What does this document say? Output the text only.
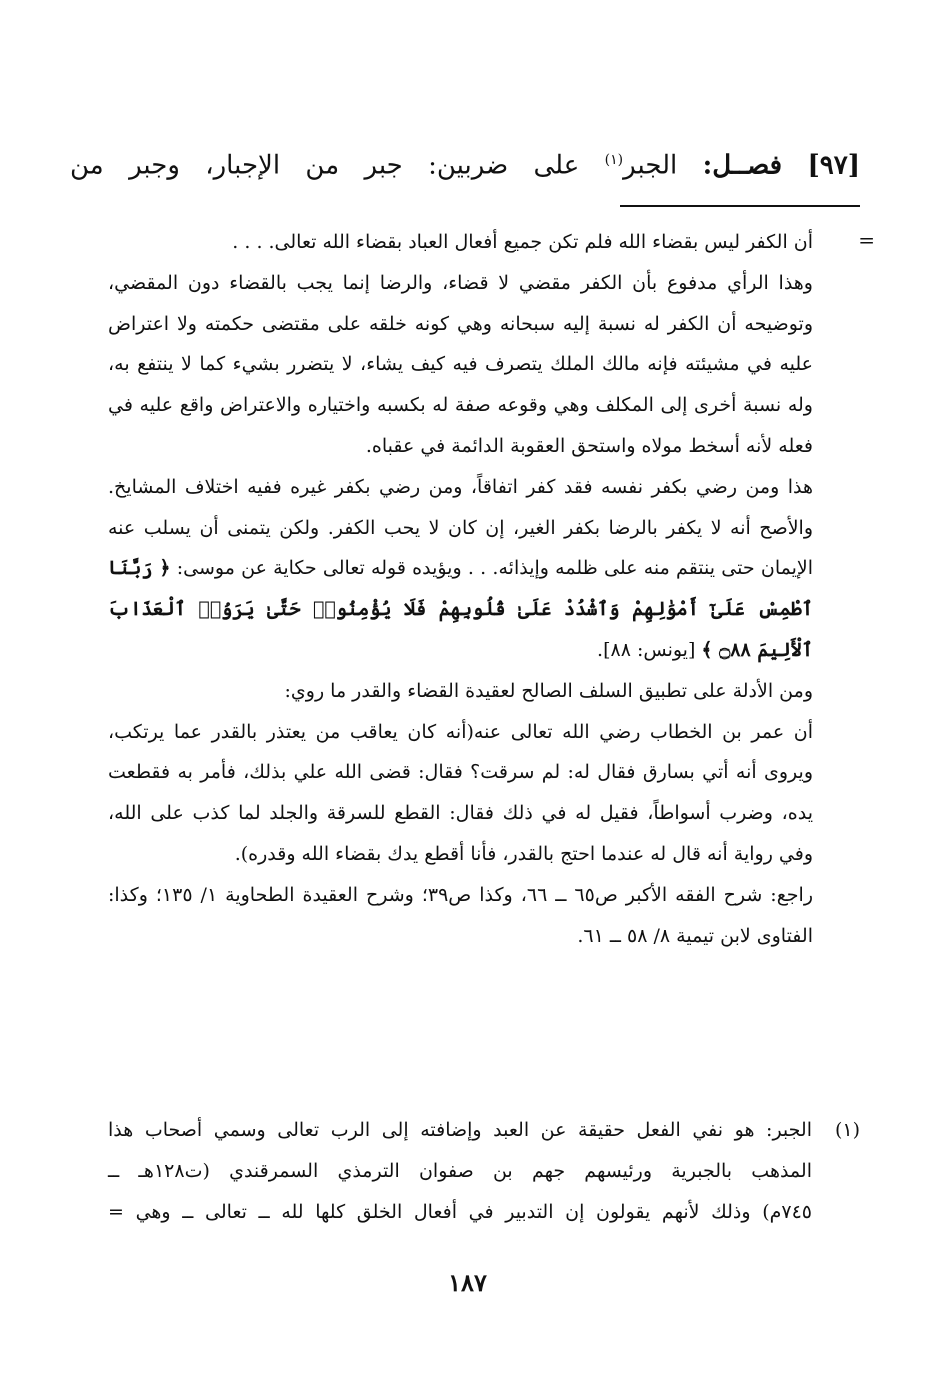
[٩٧] فصــل: الجبر$^{(١)}$ على ضربين: جبر من الإجبار، وجبر من
=

أن الكفر ليس بقضاء الله فلم تكن جميع أفعال العباد بقضاء الله تعالى. . . .

وهذا الرأي مدفوع بأن الكفر مقضي لا قضاء، والرضا إنما يجب بالقضاء دون المقضي، وتوضيحه أن الكفر له نسبة إليه سبحانه وهي كونه خلقه على مقتضى حكمته ولا اعتراض عليه في مشيئته فإنه مالك الملك يتصرف فيه كيف يشاء، لا يتضرر بشيء كما لا ينتفع به، وله نسبة أخرى إلى المكلف وهي وقوعه صفة له بكسبه واختياره والاعتراض واقع عليه في فعله لأنه أسخط مولاه واستحق العقوبة الدائمة في عقباه.

هذا ومن رضي بكفر نفسه فقد كفر اتفاقاً، ومن رضي بكفر غيره ففيه اختلاف المشايخ. والأصح أنه لا يكفر بالرضا بكفر الغير، إن كان لا يحب الكفر. ولكن يتمنى أن يسلب عنه الإيمان حتى ينتقم منه على ظلمه وإيذائه. . . ويؤيده قوله تعالى حكاية عن موسى: ﴿ رَبَّنَا ٱطْمِسْ عَلَىٰٓ أَمْوَٰلِهِمْ وَٱشْدُدْ عَلَىٰ قُلُوبِهِمْ فَلَا يُؤْمِنُوا۟ حَتَّىٰ يَرَوُا۟ ٱلْعَذَابَ ٱلْأَلِيمَ ۝٨٨ ﴾ [يونس: ٨٨].

ومن الأدلة على تطبيق السلف الصالح لعقيدة القضاء والقدر ما روي:

أن عمر بن الخطاب رضي الله تعالى عنه(أنه كان يعاقب من يعتذر بالقدر عما يرتكب، ويروى أنه أتي بسارق فقال له: لم سرقت؟ فقال: قضى الله علي بذلك، فأمر به فقطعت يده، وضرب أسواطاً، فقيل له في ذلك فقال: القطع للسرقة والجلد لما كذب على الله، وفي رواية أنه قال له عندما احتج بالقدر، فأنا أقطع يدك بقضاء الله وقدره).

راجع: شرح الفقه الأكبر ص٦٥ ــ ٦٦، وكذا ص٣٩؛ وشرح العقيدة الطحاوية ١/ ١٣٥؛ وكذا: الفتاوى لابن تيمية ٨/ ٥٨ ــ ٦١.

(١)الجبر: هو نفي الفعل حقيقة عن العبد وإضافته إلى الرب تعالى وسمي أصحاب هذا
المذهب بالجبرية ورئيسهم جهم بن صفوان الترمذي السمرقندي (ت١٢٨هـ ــ
٧٤٥م) وذلك لأنهم يقولون إن التدبير في أفعال الخلق كلها لله ــ تعالى ــ وهي =
١٨٧
